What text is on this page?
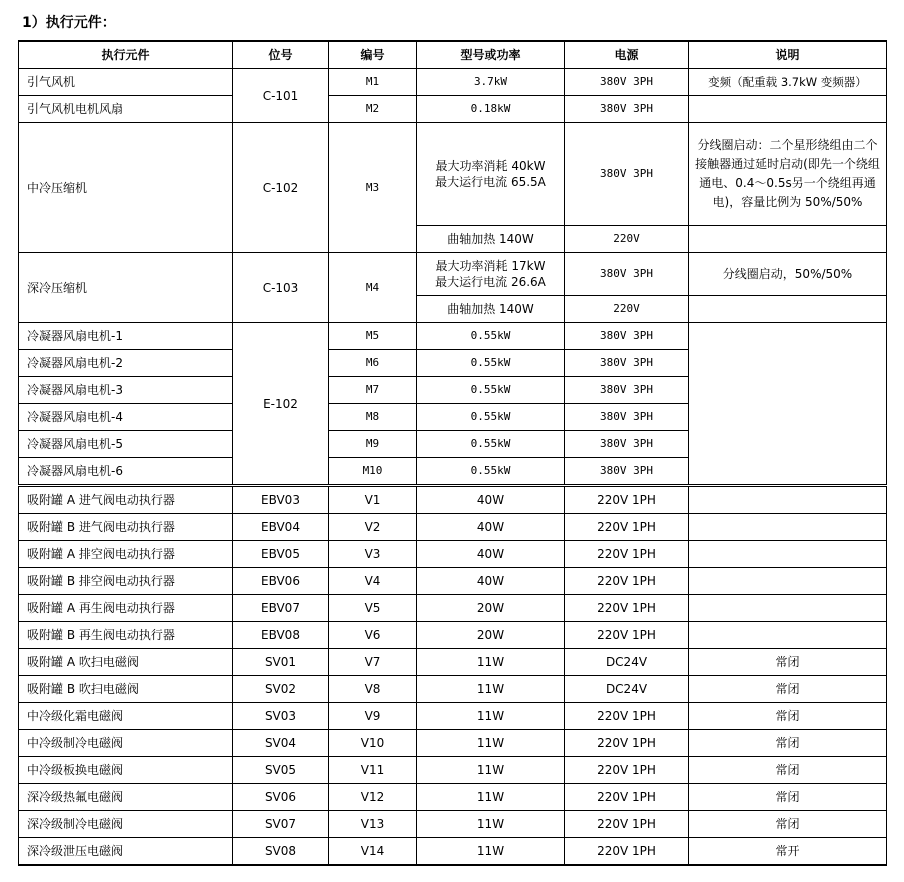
1）执行元件：
执行元件	位号	编号	型号或功率	电源	说明
引气风机	C-101	M1	3.7kW	380V 3PH	变频（配重载 3.7kW 变频器）
引气风机电机风扇		M2	0.18kW	380V 3PH	
中冷压缩机	C-102	M3	最大功率消耗 40kW
最大运行电流 65.5A	380V 3PH	分线圈启动：二个星形绕组由二个接触器通过延时启动(即先一个绕组通电、0.4～0.5s另一个绕组再通电)，容量比例为 50%/50%
			曲轴加热 140W	220V	
深冷压缩机	C-103	M4	最大功率消耗 17kW
最大运行电流 26.6A	380V 3PH	分线圈启动，50%/50%
			曲轴加热 140W	220V	
冷凝器风扇电机-1	E-102	M5	0.55kW	380V 3PH	
冷凝器风扇电机-2		M6	0.55kW	380V 3PH	
冷凝器风扇电机-3		M7	0.55kW	380V 3PH	
冷凝器风扇电机-4		M8	0.55kW	380V 3PH	
冷凝器风扇电机-5		M9	0.55kW	380V 3PH	
冷凝器风扇电机-6		M10	0.55kW	380V 3PH	
吸附罐 A 进气阀电动执行器	EBV03	V1	40W	220V 1PH	
吸附罐 B 进气阀电动执行器	EBV04	V2	40W	220V 1PH	
吸附罐 A 排空阀电动执行器	EBV05	V3	40W	220V 1PH	
吸附罐 B 排空阀电动执行器	EBV06	V4	40W	220V 1PH	
吸附罐 A 再生阀电动执行器	EBV07	V5	20W	220V 1PH	
吸附罐 B 再生阀电动执行器	EBV08	V6	20W	220V 1PH	
吸附罐 A 吹扫电磁阀	SV01	V7	11W	DC24V	常闭
吸附罐 B 吹扫电磁阀	SV02	V8	11W	DC24V	常闭
中冷级化霜电磁阀	SV03	V9	11W	220V 1PH	常闭
中冷级制冷电磁阀	SV04	V10	11W	220V 1PH	常闭
中冷级板换电磁阀	SV05	V11	11W	220V 1PH	常闭
深冷级热氟电磁阀	SV06	V12	11W	220V 1PH	常闭
深冷级制冷电磁阀	SV07	V13	11W	220V 1PH	常闭
深冷级泄压电磁阀	SV08	V14	11W	220V 1PH	常开
